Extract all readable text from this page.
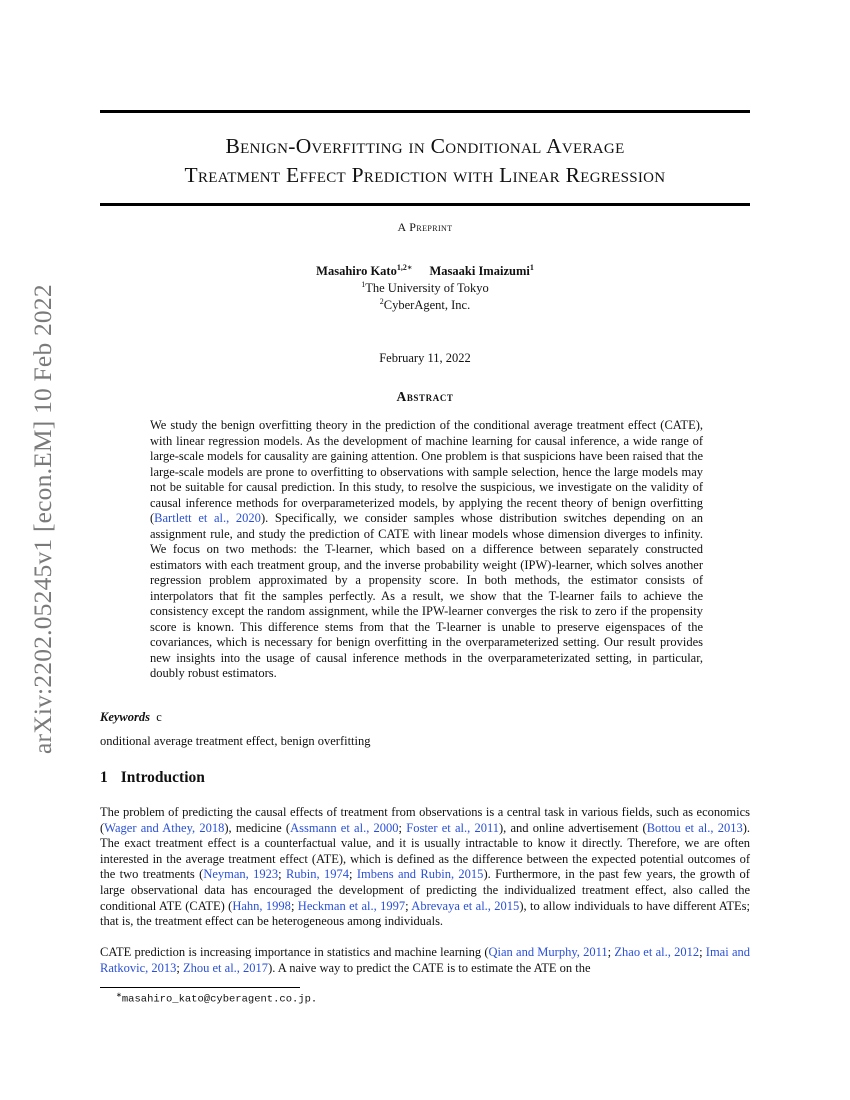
arXiv:2202.05245v1 [econ.EM] 10 Feb 2022
Benign-Overfitting in Conditional Average
Treatment Effect Prediction with Linear Regression
A Preprint
Masahiro Kato$^{1,2∗}$ Masaaki Imaizumi$^1$
$^1$The University of Tokyo
$^2$CyberAgent, Inc.
February 11, 2022
Abstract
We study the benign overfitting theory in the prediction of the conditional average treatment effect (CATE), with linear regression models. As the development of machine learning for causal inference, a wide range of large-scale models for causality are gaining attention. One problem is that suspicions have been raised that the large-scale models are prone to overfitting to observations with sample selection, hence the large models may not be suitable for causal prediction. In this study, to resolve the suspicious, we investigate on the validity of causal inference methods for overparameterized models, by applying the recent theory of benign overfitting (Bartlett et al., 2020). Specifically, we consider samples whose distribution switches depending on an assignment rule, and study the prediction of CATE with linear models whose dimension diverges to infinity. We focus on two methods: the T-learner, which based on a difference between separately constructed estimators with each treatment group, and the inverse probability weight (IPW)-learner, which solves another regression problem approximated by a propensity score. In both methods, the estimator consists of interpolators that fit the samples perfectly. As a result, we show that the T-learner fails to achieve the consistency except the random assignment, while the IPW-learner converges the risk to zero if the propensity score is known. This difference stems from that the T-learner is unable to preserve eigenspaces of the covariances, which is necessary for benign overfitting in the overparameterized setting. Our result provides new insights into the usage of causal inference methods in the overparameterizated setting, in particular, doubly robust estimators.
Keywords c
onditional average treatment effect, benign overfitting
1 Introduction
The problem of predicting the causal effects of treatment from observations is a central task in various fields, such as economics (Wager and Athey, 2018), medicine (Assmann et al., 2000; Foster et al., 2011), and online advertisement (Bottou et al., 2013). The exact treatment effect is a counterfactual value, and it is usually intractable to know it directly. Therefore, we are often interested in the average treatment effect (ATE), which is defined as the difference between the expected potential outcomes of the two treatments (Neyman, 1923; Rubin, 1974; Imbens and Rubin, 2015). Furthermore, in the past few years, the growth of large observational data has encouraged the development of predicting the individualized treatment effect, also called the conditional ATE (CATE) (Hahn, 1998; Heckman et al., 1997; Abrevaya et al., 2015), to allow individuals to have different ATEs; that is, the treatment effect can be heterogeneous among individuals.
CATE prediction is increasing importance in statistics and machine learning (Qian and Murphy, 2011; Zhao et al., 2012; Imai and Ratkovic, 2013; Zhou et al., 2017). A naive way to predict the CATE is to estimate the ATE on the
∗masahiro_kato@cyberagent.co.jp.
